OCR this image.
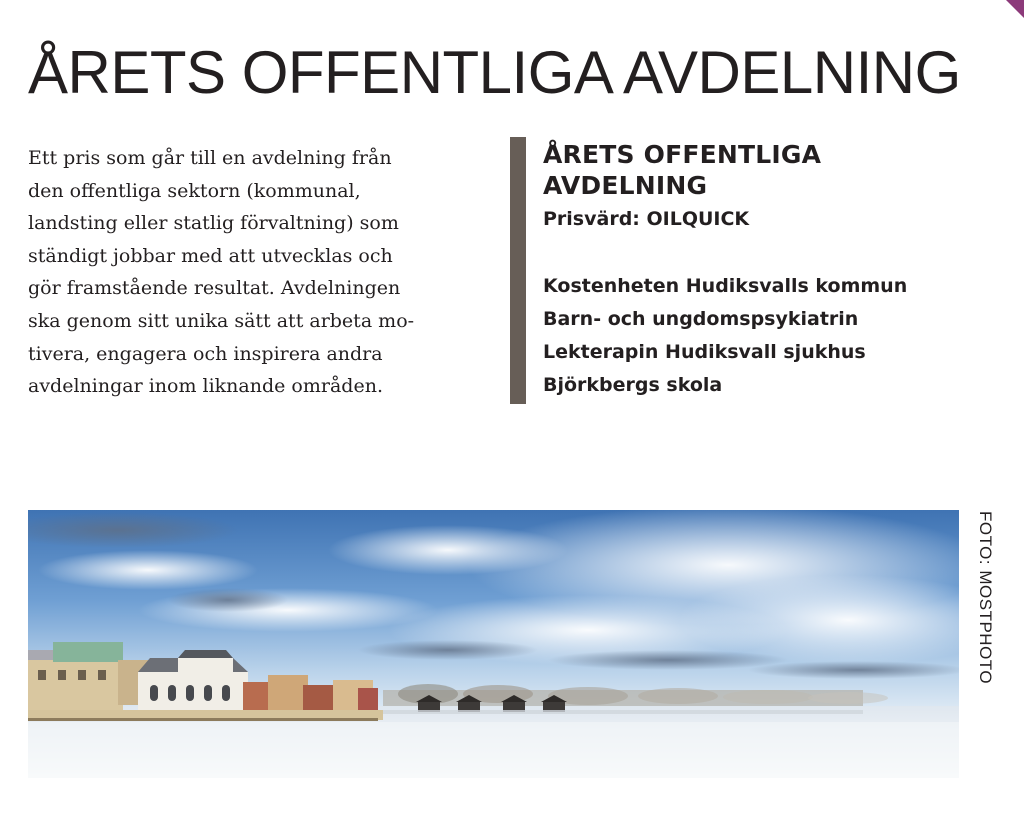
ÅRETS OFFENTLIGA AVDELNING

Ett pris som går till en avdelning från
den offentliga sektorn (kommunal,
landsting eller statlig förvaltning) som
ständigt jobbar med att utvecklas och
gör framstående resultat. Avdelningen
ska genom sitt unika sätt att arbeta mo-
tivera, engagera och inspirera andra
avdelningar inom liknande områden.

ÅRETS OFFENTLIGA
AVDELNING

Prisvärd: OILQUICK

Kostenheten Hudiksvalls kommun
Barn- och ungdomspsykiatrin
Lekterapin Hudiksvall sjukhus
Björkbergs skola

FOTO: MOSTPHOTO
